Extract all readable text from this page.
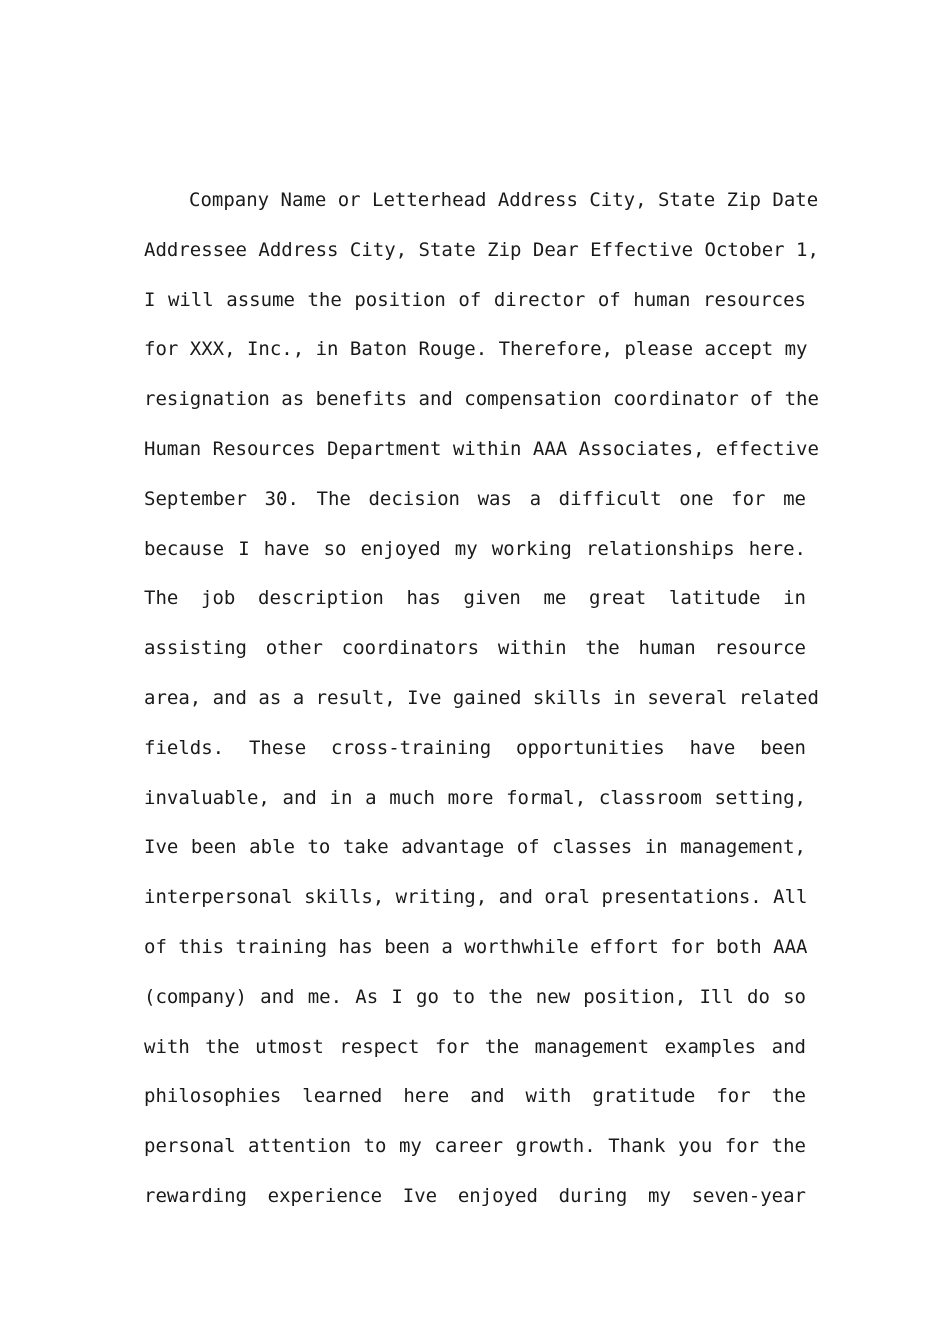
Company Name or Letterhead Address City, State Zip Date
Addressee Address City, State Zip Dear Effective October 1,
I will assume the position of director of human resources
for XXX, Inc., in Baton Rouge. Therefore, please accept my
resignation as benefits and compensation coordinator of the
Human Resources Department within AAA Associates, effective
September 30. The decision was a difficult one for me
because I have so enjoyed my working relationships here.
The job description has given me great latitude in
assisting other coordinators within the human resource
area, and as a result, Ive gained skills in several related
fields. These cross-training opportunities have been
invaluable, and in a much more formal, classroom setting,
Ive been able to take advantage of classes in management,
interpersonal skills, writing, and oral presentations. All
of this training has been a worthwhile effort for both AAA
(company) and me. As I go to the new position, Ill do so
with the utmost respect for the management examples and
philosophies learned here and with gratitude for the
personal attention to my career growth. Thank you for the
rewarding experience Ive enjoyed during my seven-year
